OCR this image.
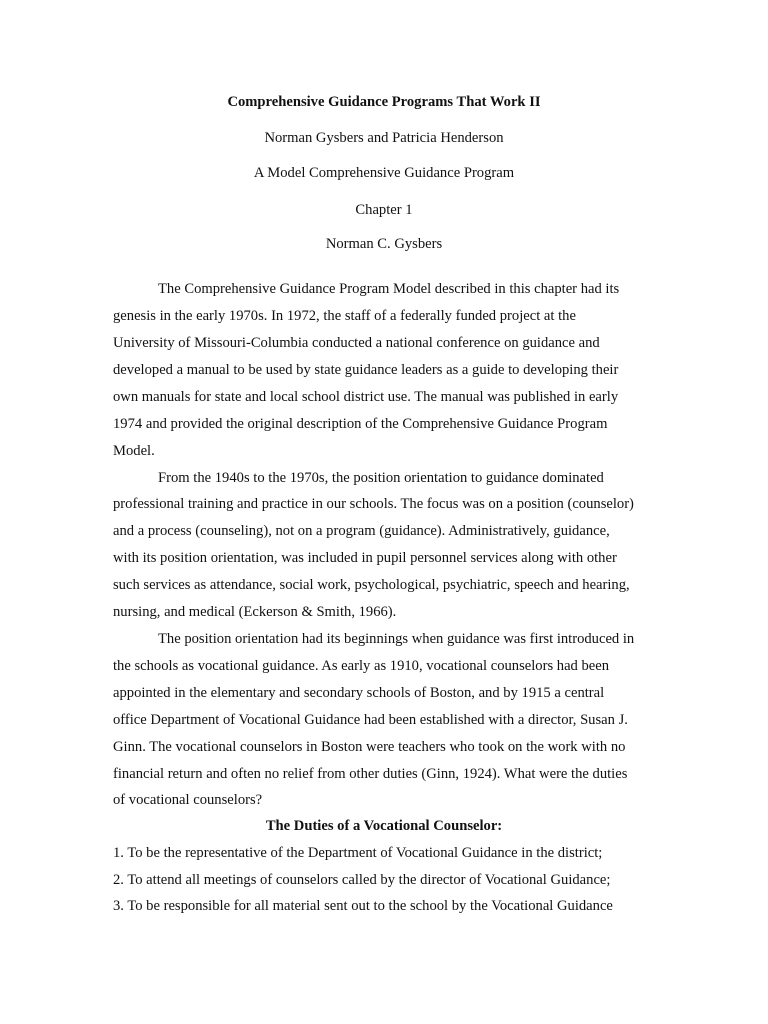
Comprehensive Guidance Programs That Work II
Norman Gysbers and Patricia Henderson
A Model Comprehensive Guidance Program
Chapter 1
Norman C. Gysbers
The Comprehensive Guidance Program Model described in this chapter had its
genesis in the early 1970s. In 1972, the staff of a federally funded project at the
University of Missouri-Columbia conducted a national conference on guidance and
developed a manual to be used by state guidance leaders as a guide to developing their
own manuals for state and local school district use. The manual was published in early
1974 and provided the original description of the Comprehensive Guidance Program
Model.
From the 1940s to the 1970s, the position orientation to guidance dominated
professional training and practice in our schools. The focus was on a position (counselor)
and a process (counseling), not on a program (guidance). Administratively, guidance,
with its position orientation, was included in pupil personnel services along with other
such services as attendance, social work, psychological, psychiatric, speech and hearing,
nursing, and medical (Eckerson & Smith, 1966).
The position orientation had its beginnings when guidance was first introduced in
the schools as vocational guidance. As early as 1910, vocational counselors had been
appointed in the elementary and secondary schools of Boston, and by 1915 a central
office Department of Vocational Guidance had been established with a director, Susan J.
Ginn. The vocational counselors in Boston were teachers who took on the work with no
financial return and often no relief from other duties (Ginn, 1924). What were the duties
of vocational counselors?
The Duties of a Vocational Counselor:
1. To be the representative of the Department of Vocational Guidance in the district;
2. To attend all meetings of counselors called by the director of Vocational Guidance;
3. To be responsible for all material sent out to the school by the Vocational Guidance
